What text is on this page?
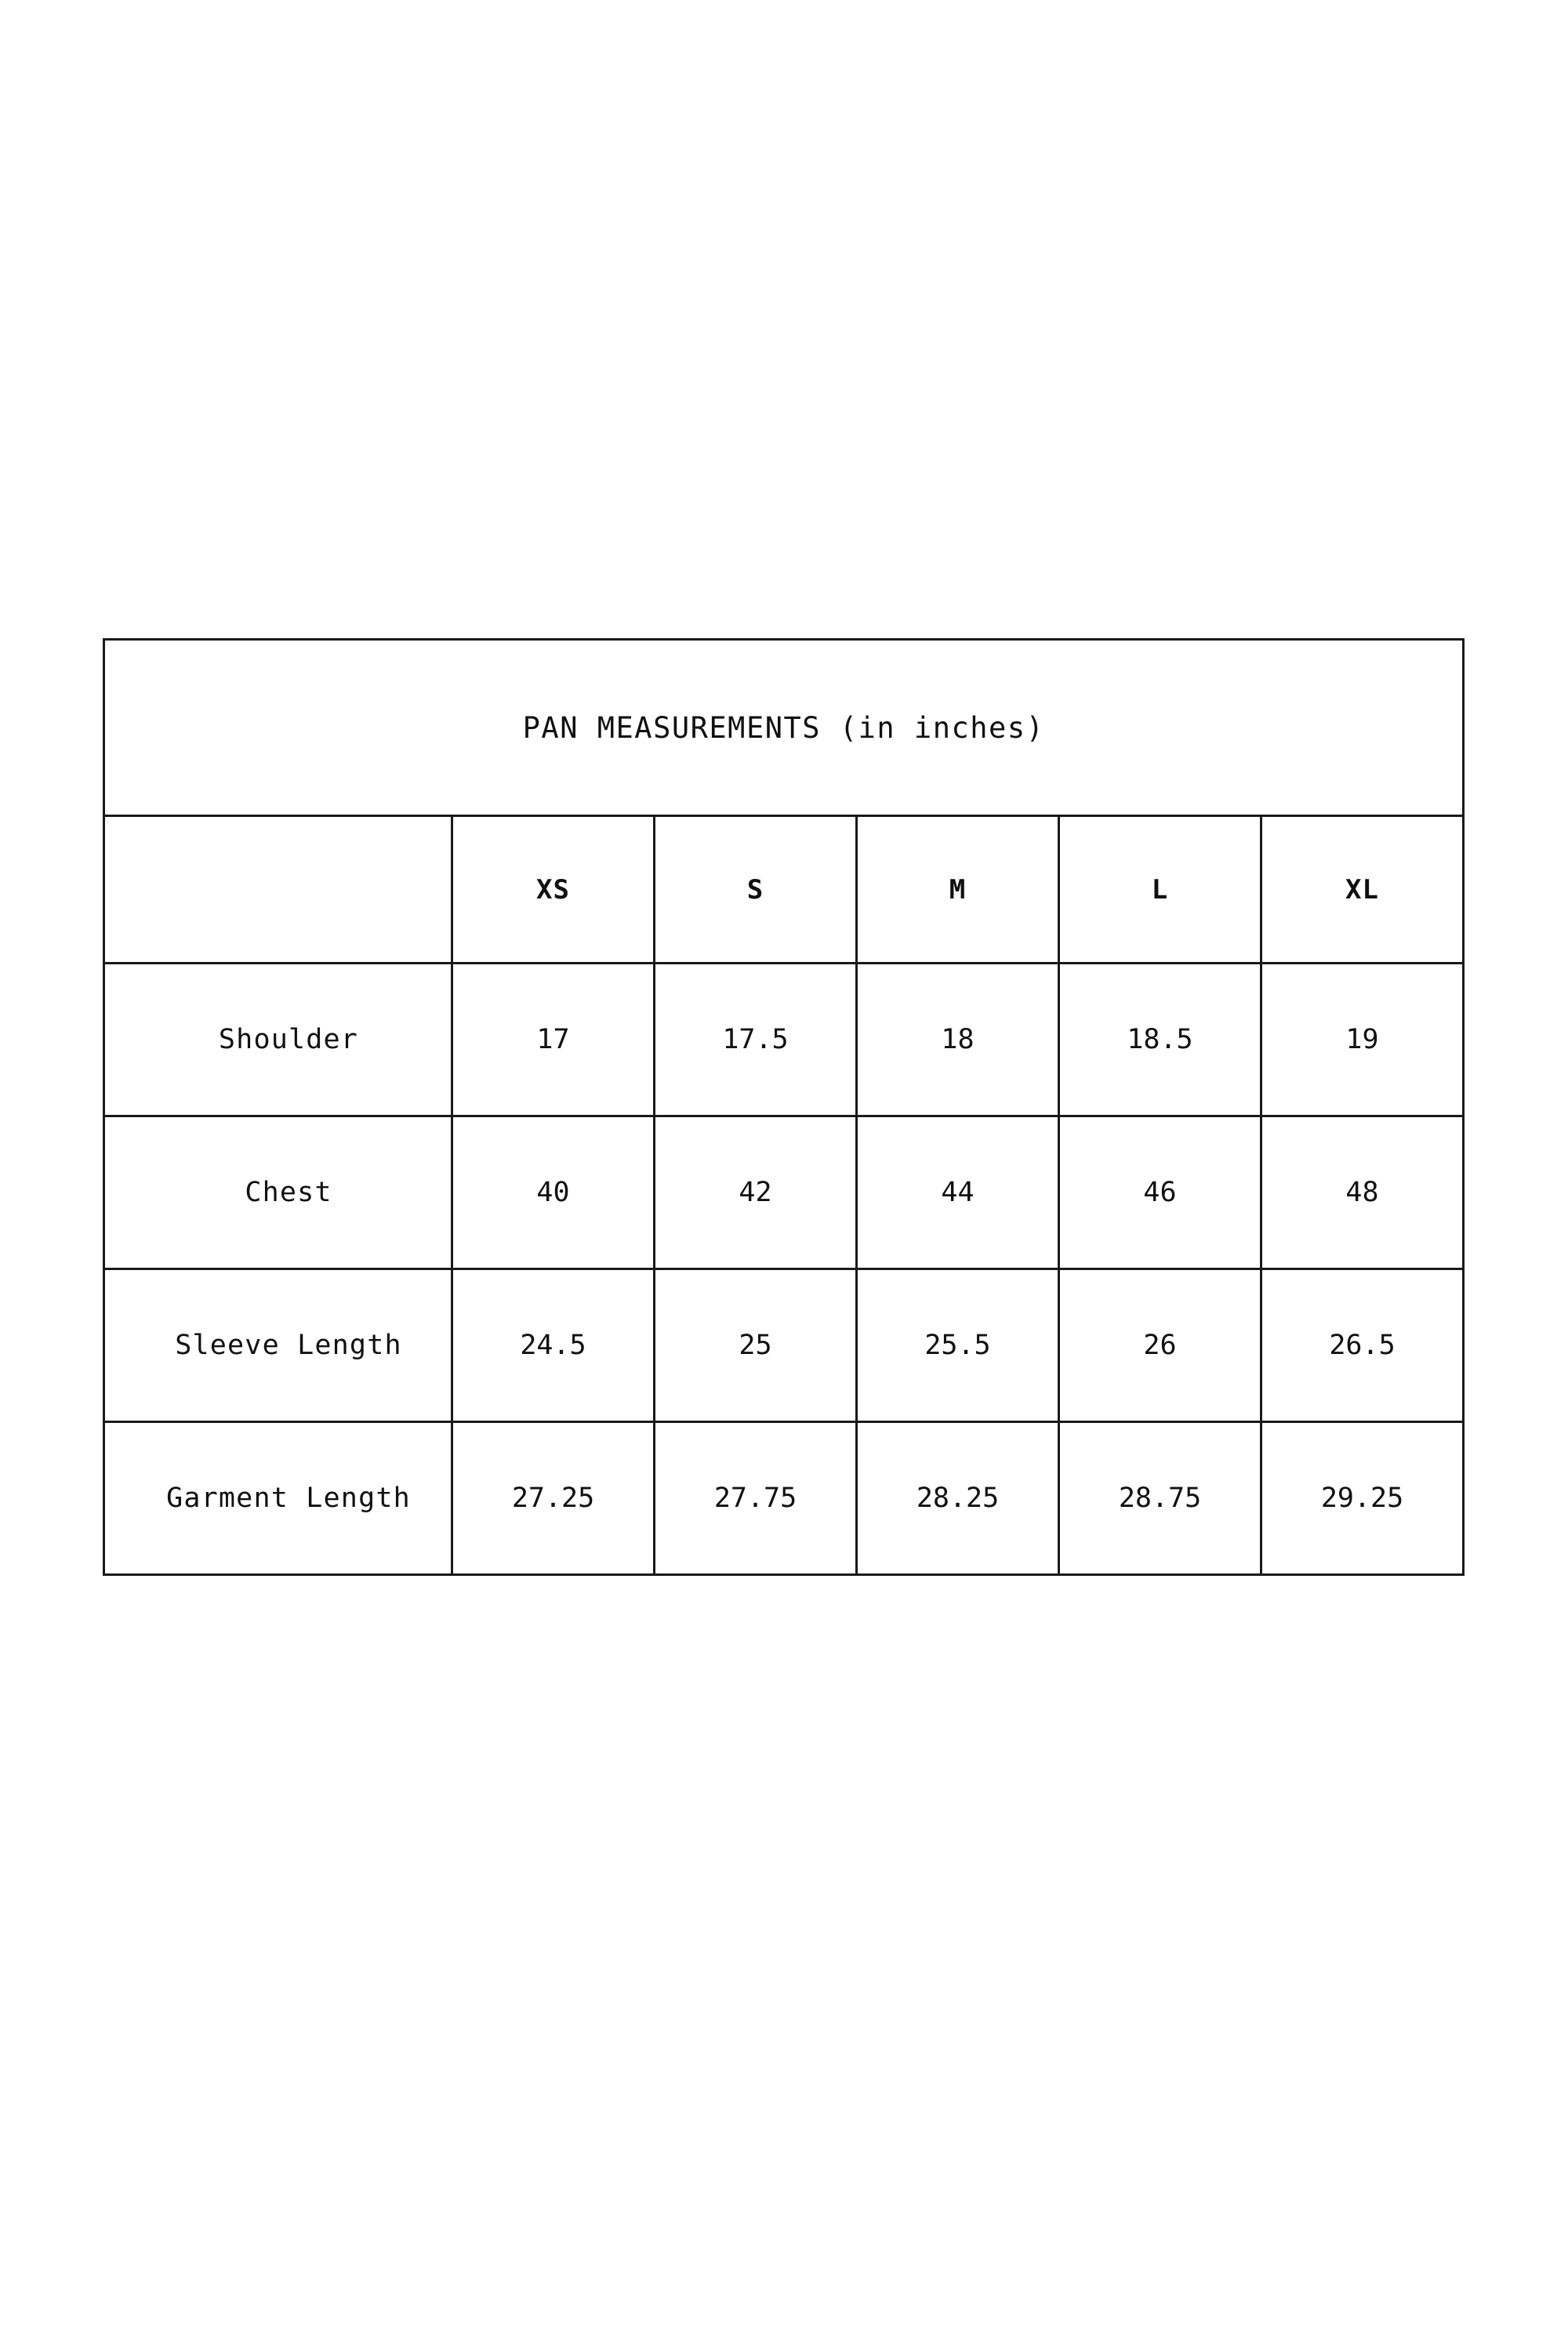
PAN MEASUREMENTS (in inches)					
	XS	S	M	L	XL
Shoulder	17	17.5	18	18.5	19
Chest	40	42	44	46	48
Sleeve Length	24.5	25	25.5	26	26.5
Garment Length	27.25	27.75	28.25	28.75	29.25
